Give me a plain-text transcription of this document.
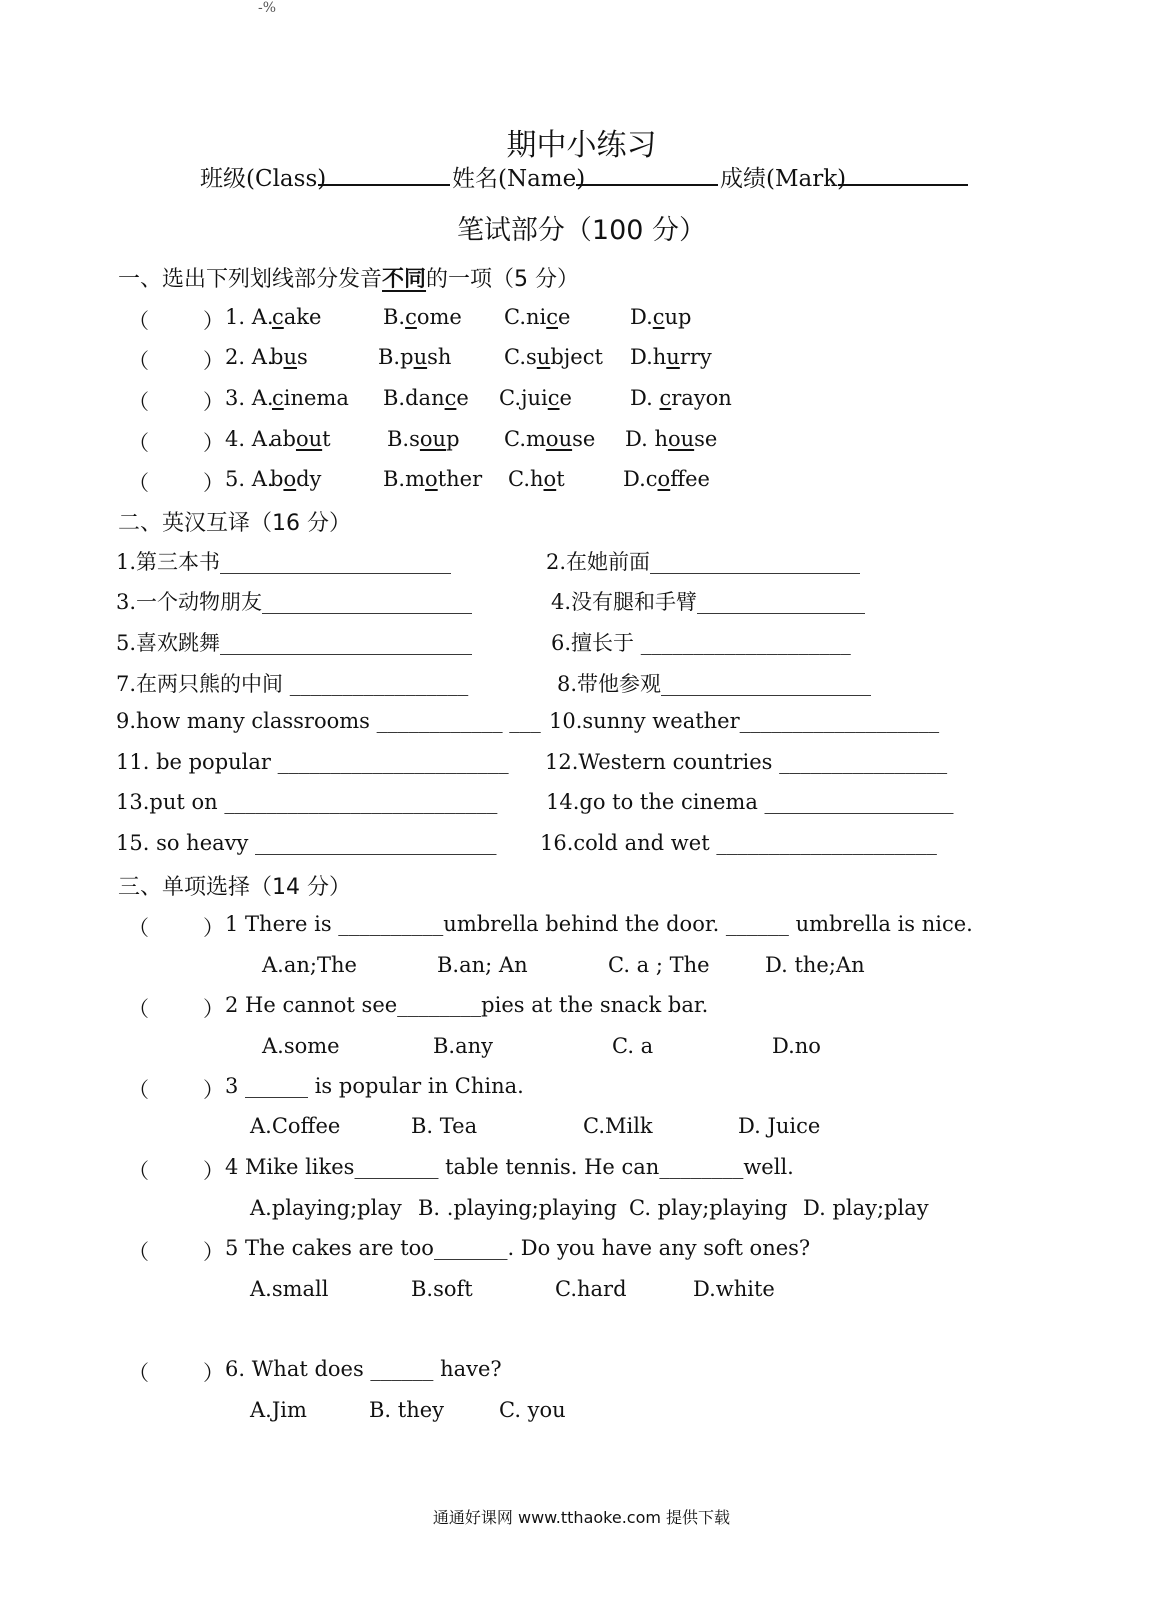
-%
期中小练习
班级(Class)	姓名(Name)	成绩(Mark)
笔试部分（100 分）
一、选出下列划线部分发音不同的一项（5 分）
（	） 1. A.
cake	B.come C.nice	D.cup
（	） 2. A.
bus	B.push	C.subject D.hurry
（	） 3. A.
cinema B.dance C.juice	D. crayon
（	） 4. A.
about	B.soup C.mouse D. house
（	） 5. A.
body	B.mother C.hot	D.coffee
二、英汉互译（16 分）
1.第三本书______________________	2.在她前面____________________
3.一个动物朋友____________________	4.没有腿和手臂________________
5.喜欢跳舞________________________	6.擅长于 ____________________
7.在两只熊的中间 _________________	8.带他参观____________________
9.how many classrooms ____________ ___ 10.sunny weather___________________
11. be popular ______________________ 12.Western countries ________________
13.put on __________________________ 14.go to the cinema __________________
15. so heavy _______________________ 16.cold and wet _____________________
三、单项选择（14 分）
（	） 1 There is __________umbrella behind the door. ______ umbrella is nice.
A.an;The	B.an; An	C. a ; The	D. the;An
（	） 2 He cannot see________pies at the snack bar.
A.some	B.any	C. a	D.no
（	） 3 ______ is popular in China.
A.Coffee	B. Tea	C.Milk	D. Juice
（	） 4 Mike likes________ table tennis. He can________well.
A.playing;play B. .playing;playing C. play;playing D. play;play
（	） 5 The cakes are too_______. Do you have any soft ones?
A.small	B.soft	C.hard	D.white
（	） 6. What does ______ have?
A.Jim	B. they	C. you
通通好课网 www.tthaoke.com 提供下载
